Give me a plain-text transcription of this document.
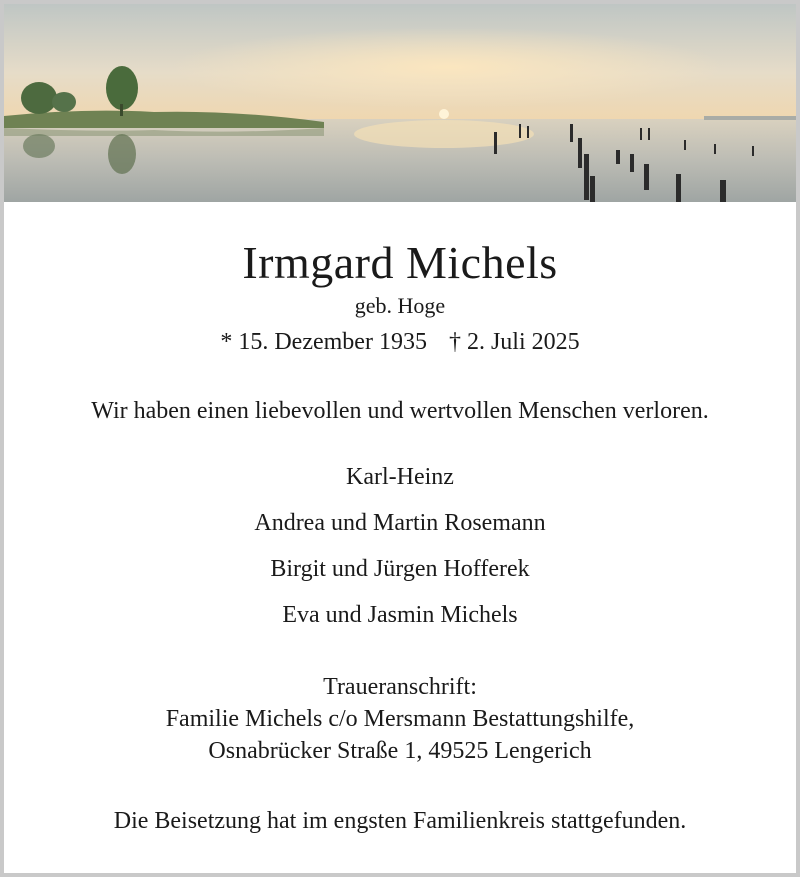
Irmgard Michels
geb. Hoge
* 15. Dezember 1935 † 2. Juli 2025
Wir haben einen liebevollen und wertvollen Menschen verloren.
Karl-Heinz
Andrea und Martin Rosemann
Birgit und Jürgen Hofferek
Eva und Jasmin Michels
Traueranschrift:
Familie Michels c/o Mersmann Bestattungshilfe,
Osnabrücker Straße 1, 49525 Lengerich
Die Beisetzung hat im engsten Familienkreis stattgefunden.
